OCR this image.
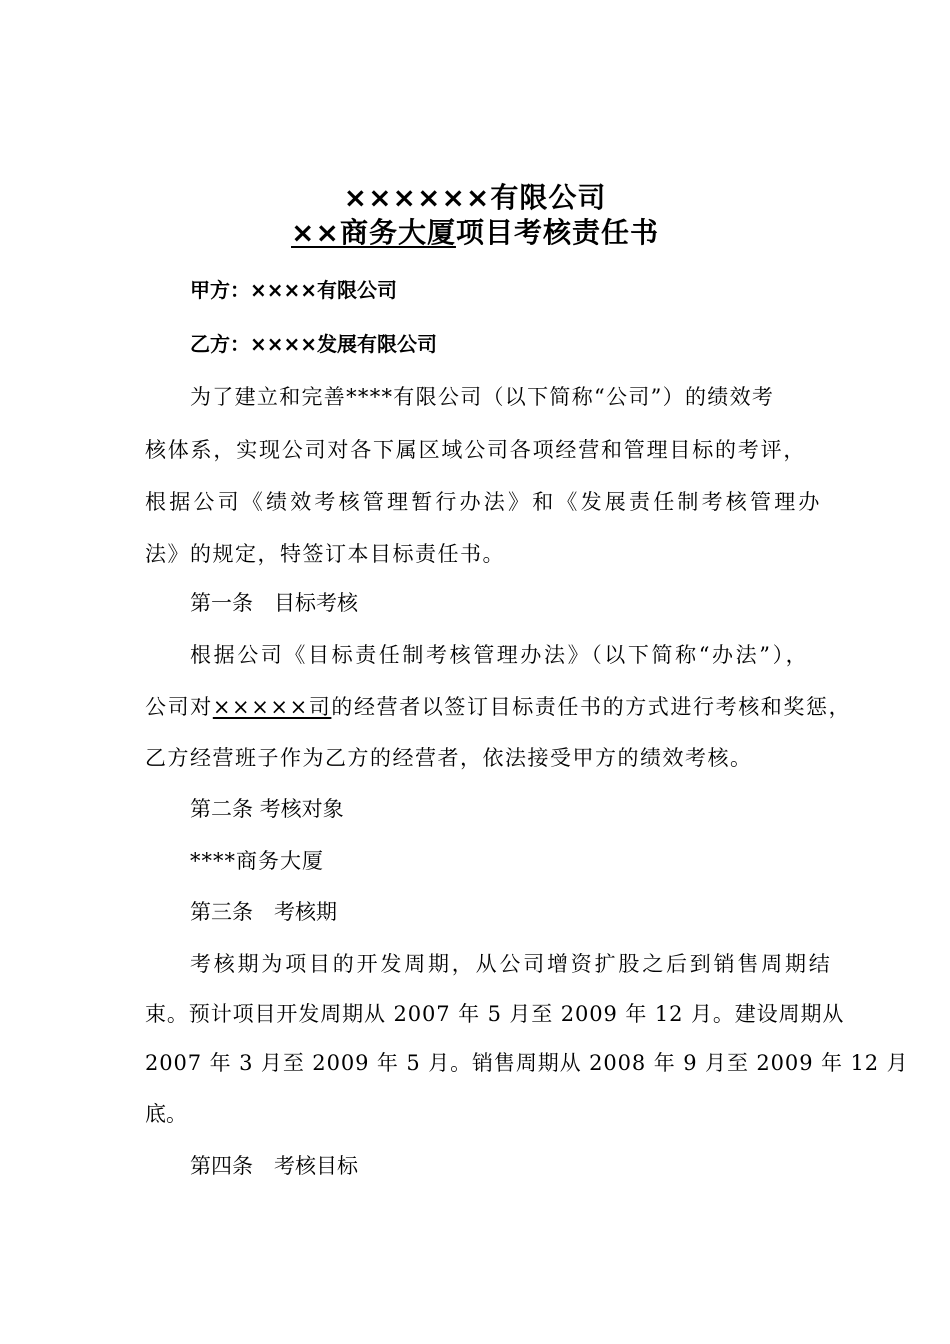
××××××有限公司
××商务大厦项目考核责任书
甲方：××××有限公司
乙方：××××发展有限公司
为了建立和完善****有限公司（以下简称“公司”）的绩效考
核体系，实现公司对各下属区域公司各项经营和管理目标的考评，
根据公司《绩效考核管理暂行办法》和《发展责任制考核管理办
法》的规定，特签订本目标责任书。
第一条　目标考核
根据公司《目标责任制考核管理办法》（以下简称“办法”），
公司对×××××司的经营者以签订目标责任书的方式进行考核和奖惩，
乙方经营班子作为乙方的经营者，依法接受甲方的绩效考核。
第二条 考核对象
****商务大厦
第三条　考核期
考核期为项目的开发周期，从公司增资扩股之后到销售周期结
束。预计项目开发周期从 2007 年 5 月至 2009 年 12 月。建设周期从
2007 年 3 月至 2009 年 5 月。销售周期从 2008 年 9 月至 2009 年 12 月
底。
第四条　考核目标
